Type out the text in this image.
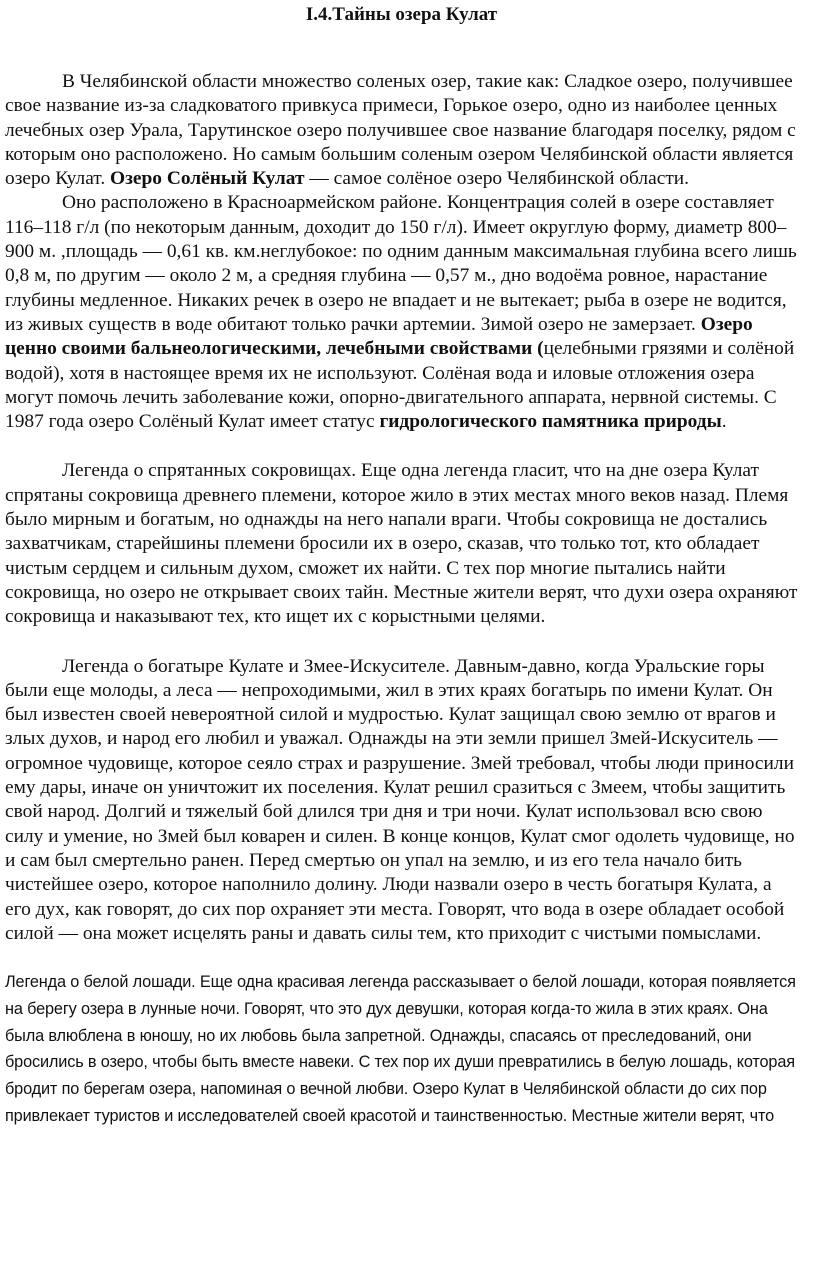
I.4.Тайны озера Кулат

В Челябинской области множество соленых озер, такие как: Сладкое озеро, получившее свое название из-за сладковатого привкуса примеси, Горькое озеро, одно из наиболее ценных лечебных озер Урала, Тарутинское озеро получившее свое название благодаря поселку, рядом с которым оно расположено. Но самым большим соленым озером Челябинской области является озеро Кулат. Озеро Солёный Кулат — самое солёное озеро Челябинской области.

Оно расположено в Красноармейском районе. Концентрация солей в озере составляет 116–118 г/л (по некоторым данным, доходит до 150 г/л). Имеет округлую форму, диаметр 800–900 м. ,площадь — 0,61 кв. км.неглубокое: по одним данным максимальная глубина всего лишь 0,8 м, по другим — около 2 м, а средняя глубина — 0,57 м., дно водоёма ровное, нарастание глубины медленное. Никаких речек в озеро не впадает и не вытекает; рыба в озере не водится, из живых существ в воде обитают только рачки артемии. Зимой озеро не замерзает. Озеро ценно своими бальнеологическими, лечебными свойствами (целебными грязями и солёной водой), хотя в настоящее время их не используют. Солёная вода и иловые отложения озера могут помочь лечить заболевание кожи, опорно-двигательного аппарата, нервной системы. С 1987 года озеро Солёный Кулат имеет статус гидрологического памятника природы.

Легенда о спрятанных сокровищах. Еще одна легенда гласит, что на дне озера Кулат спрятаны сокровища древнего племени, которое жило в этих местах много веков назад. Племя было мирным и богатым, но однажды на него напали враги. Чтобы сокровища не достались захватчикам, старейшины племени бросили их в озеро, сказав, что только тот, кто обладает чистым сердцем и сильным духом, сможет их найти. С тех пор многие пытались найти сокровища, но озеро не открывает своих тайн. Местные жители верят, что духи озера охраняют сокровища и наказывают тех, кто ищет их с корыстными целями.

Легенда о богатыре Кулате и Змее-Искусителе. Давным-давно, когда Уральские горы были еще молоды, а леса — непроходимыми, жил в этих краях богатырь по имени Кулат. Он был известен своей невероятной силой и мудростью. Кулат защищал свою землю от врагов и злых духов, и народ его любил и уважал. Однажды на эти земли пришел Змей-Искуситель — огромное чудовище, которое сеяло страх и разрушение. Змей требовал, чтобы люди приносили ему дары, иначе он уничтожит их поселения. Кулат решил сразиться с Змеем, чтобы защитить свой народ. Долгий и тяжелый бой длился три дня и три ночи. Кулат использовал всю свою силу и умение, но Змей был коварен и силен. В конце концов, Кулат смог одолеть чудовище, но и сам был смертельно ранен. Перед смертью он упал на землю, и из его тела начало бить чистейшее озеро, которое наполнило долину. Люди назвали озеро в честь богатыря Кулата, а его дух, как говорят, до сих пор охраняет эти места. Говорят, что вода в озере обладает особой силой — она может исцелять раны и давать силы тем, кто приходит с чистыми помыслами.

Легенда о белой лошади. Еще одна красивая легенда рассказывает о белой лошади, которая появляется на берегу озера в лунные ночи. Говорят, что это дух девушки, которая когда-то жила в этих краях. Она была влюблена в юношу, но их любовь была запретной. Однажды, спасаясь от преследований, они бросились в озеро, чтобы быть вместе навеки. С тех пор их души превратились в белую лошадь, которая бродит по берегам озера, напоминая о вечной любви. Озеро Кулат в Челябинской области до сих пор привлекает туристов и исследователей своей красотой и таинственностью. Местные жители верят, что
